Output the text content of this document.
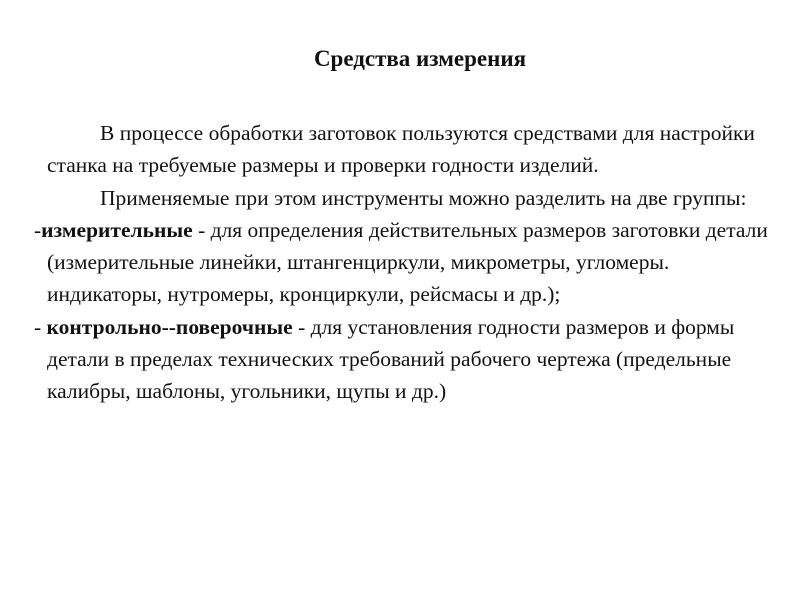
Средства измерения

В процессе обработки заготовок пользуются средствами для настройки станка на требуемые размеры и проверки годности изделий.

Применяемые при этом инструменты можно разделить на две группы:

-измерительные - для определения действительных размеров заготовки детали (измерительные линейки, штангенциркули, микрометры, угломеры. индикаторы, нутромеры, кронциркули, рейсмасы и др.);

- контрольно--поверочные - для установления годности размеров и формы детали в пределах технических требований рабочего чертежа (предельные калибры, шаблоны, угольники, щупы и др.)
